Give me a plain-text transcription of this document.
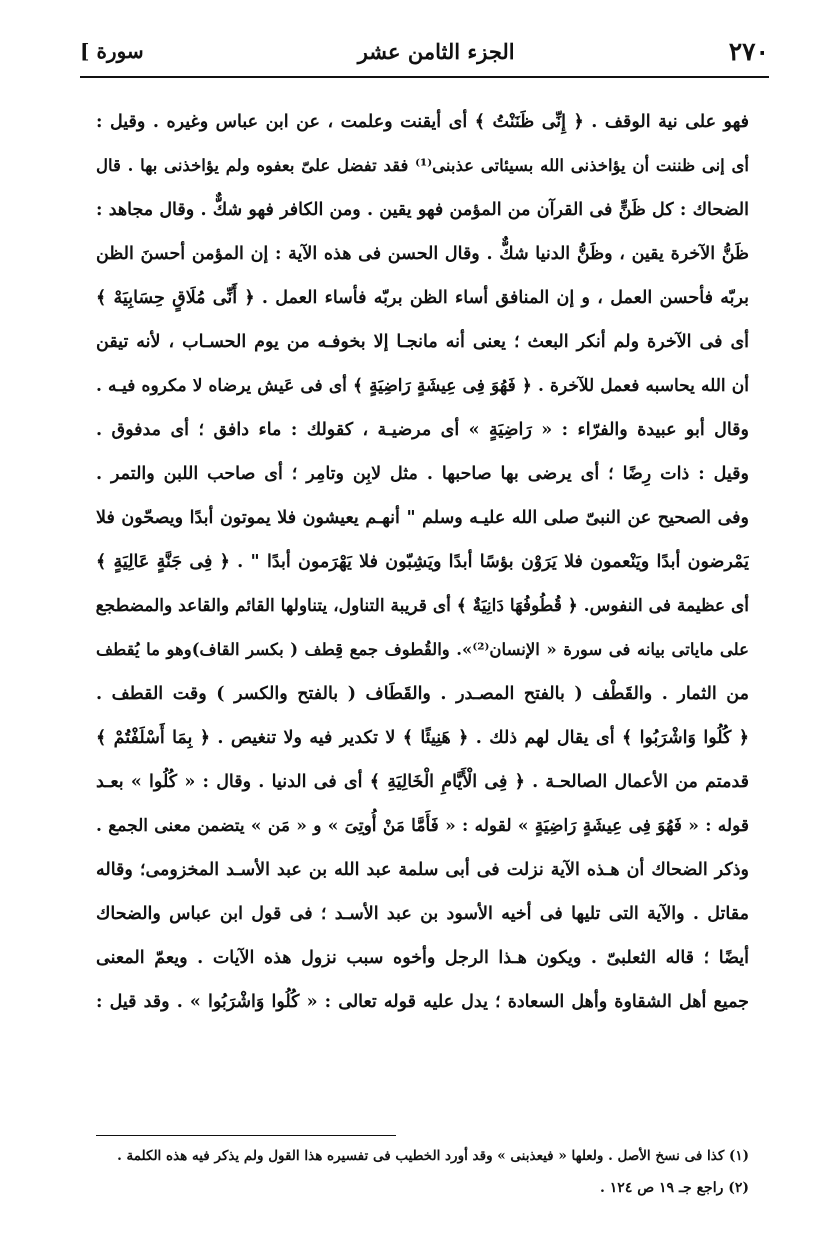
٢٧٠
الجزء الثامن عشر
سورة ]
فهو على نية الوقف . ﴿ إِنِّى ظَنَنْتُ ﴾ أى أيقنت وعلمت ، عن ابن عباس وغيره . وقيل :
أى إنى ظننت أن يؤاخذنى الله بسيئاتى عذبنى⁽¹⁾ فقد تفضل علىّ بعفوه ولم يؤاخذنى بها . قال
الضحاك : كل ظَنٍّ فى القرآن من المؤمن فهو يقين . ومن الكافر فهو شكٌّ . وقال مجاهد :
ظَنُّ الآخرة يقين ، وظَنُّ الدنيا شكٌّ . وقال الحسن فى هذه الآية : إن المؤمن أحسنَ الظن
بربّه فأحسن العمل ، و إن المنافق أساء الظن بربّه فأساء العمل . ﴿ أَنِّى مُلَاقٍ حِسَابِيَهْ ﴾
أى فى الآخرة ولم أنكر البعث ؛ يعنى أنه مانجـا إلا بخوفـه من يوم الحسـاب ، لأنه تيقن
أن الله يحاسبه فعمل للآخرة . ﴿ فَهُوَ فِى عِيشَةٍ رَاضِيَةٍ ﴾ أى فى عَيش يرضاه لا مكروه فيـه .
وقال أبو عبيدة والفرّاء : « رَاضِيَةٍ » أى مرضيـة ، كقولك : ماء دافق ؛ أى مدفوق .
وقيل : ذات رِضًا ؛ أى يرضى بها صاحبها . مثل لابِن وتامِر ؛ أى صاحب اللبن والتمر .
وفى الصحيح عن النبىّ صلى الله عليـه وسلم " أنهـم يعيشون فلا يموتون أبدًا ويصحّون فلا
يَمْرضون أبدًا ويَنْعمون فلا يَرَوْن بؤسًا أبدًا ويَشِبّون فلا يَهْرَمون أبدًا " . ﴿ فِى جَنَّةٍ عَالِيَةٍ ﴾
أى عظيمة فى النفوس. ﴿ قُطُوفُهَا دَانِيَةٌ ﴾ أى قريبة التناول، يتناولها القائم والقاعد والمضطجع
على ماياتى بيانه فى سورة « الإنسان⁽²⁾». والقُطوف جمع قِطف ( بكسر القاف)وهو ما يُقطف
من الثمار . والقَطْف ( بالفتح المصـدر . والقَطَاف ( بالفتح والكسر ) وقت القطف .
﴿ كُلُوا وَاشْرَبُوا ﴾ أى يقال لهم ذلك . ﴿ هَنِيئًا ﴾ لا تكدير فيه ولا تنغيص . ﴿ بِمَا أَسْلَفْتُمْ ﴾
قدمتم من الأعمال الصالحـة . ﴿ فِى الْأَيَّامِ الْخَالِيَةِ ﴾ أى فى الدنيا . وقال : « كُلُوا » بعـد
قوله : « فَهُوَ فِى عِيشَةٍ رَاضِيَةٍ » لقوله : « فَأَمَّا مَنْ أُوتِىَ » و « مَن » يتضمن معنى الجمع .
وذكر الضحاك أن هـذه الآية نزلت فى أبى سلمة عبد الله بن عبد الأسـد المخزومى؛ وقاله
مقاتل . والآية التى تليها فى أخيه الأسود بن عبد الأسـد ؛ فى قول ابن عباس والضحاك
أيضًا ؛ قاله الثعلبىّ . ويكون هـذا الرجل وأخوه سبب نزول هذه الآيات . ويعمّ المعنى
جميع أهل الشقاوة وأهل السعادة ؛ يدل عليه قوله تعالى : « كُلُوا وَاشْرَبُوا » . وقد قيل :
(١) كذا فى نسخ الأصل . ولعلها « فيعذبنى » وقد أورد الخطيب فى تفسيره هذا القول ولم يذكر فيه هذه الكلمة .
(٢) راجع جـ ١٩ ص ١٢٤ .
